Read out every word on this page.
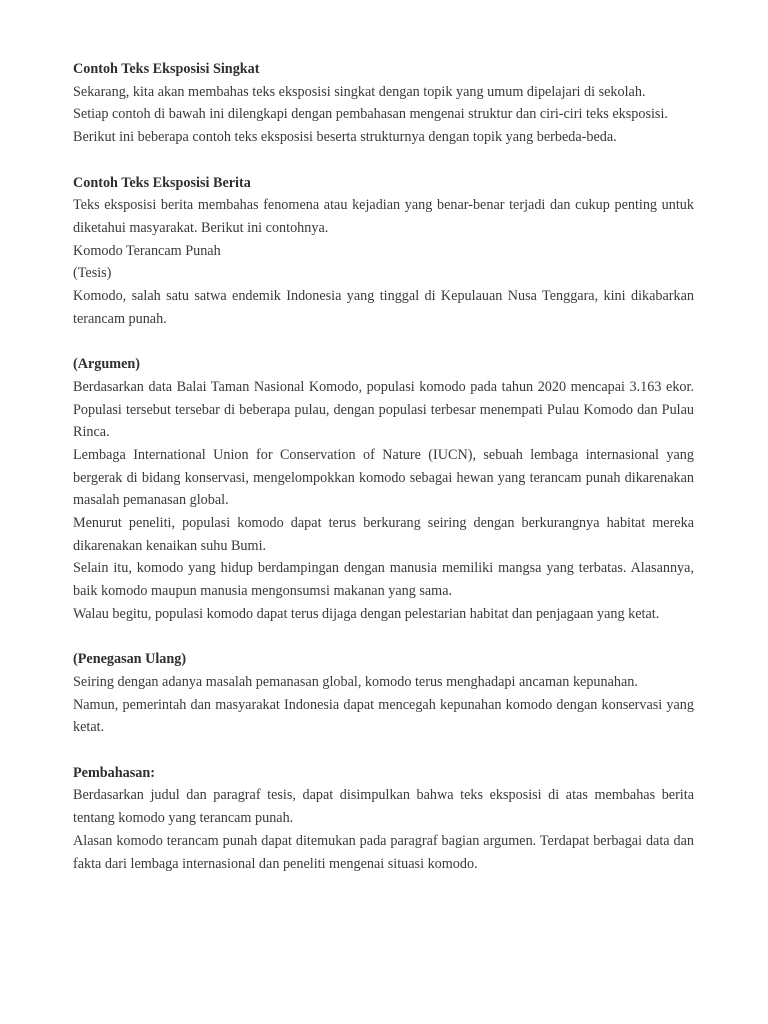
Contoh Teks Eksposisi Singkat

Sekarang, kita akan membahas teks eksposisi singkat dengan topik yang umum dipelajari di sekolah.

Setiap contoh di bawah ini dilengkapi dengan pembahasan mengenai struktur dan ciri-ciri teks eksposisi.

Berikut ini beberapa contoh teks eksposisi beserta strukturnya dengan topik yang berbeda-beda.

Contoh Teks Eksposisi Berita

Teks eksposisi berita membahas fenomena atau kejadian yang benar-benar terjadi dan cukup penting untuk diketahui masyarakat. Berikut ini contohnya.

Komodo Terancam Punah

(Tesis)

Komodo, salah satu satwa endemik Indonesia yang tinggal di Kepulauan Nusa Tenggara, kini dikabarkan terancam punah.

(Argumen)

Berdasarkan data Balai Taman Nasional Komodo, populasi komodo pada tahun 2020 mencapai 3.163 ekor. Populasi tersebut tersebar di beberapa pulau, dengan populasi terbesar menempati Pulau Komodo dan Pulau Rinca.

Lembaga International Union for Conservation of Nature (IUCN), sebuah lembaga internasional yang bergerak di bidang konservasi, mengelompokkan komodo sebagai hewan yang terancam punah dikarenakan masalah pemanasan global.

Menurut peneliti, populasi komodo dapat terus berkurang seiring dengan berkurangnya habitat mereka dikarenakan kenaikan suhu Bumi.

Selain itu, komodo yang hidup berdampingan dengan manusia memiliki mangsa yang terbatas. Alasannya, baik komodo maupun manusia mengonsumsi makanan yang sama.

Walau begitu, populasi komodo dapat terus dijaga dengan pelestarian habitat dan penjagaan yang ketat.

(Penegasan Ulang)

Seiring dengan adanya masalah pemanasan global, komodo terus menghadapi ancaman kepunahan.

Namun, pemerintah dan masyarakat Indonesia dapat mencegah kepunahan komodo dengan konservasi yang ketat.

Pembahasan:

Berdasarkan judul dan paragraf tesis, dapat disimpulkan bahwa teks eksposisi di atas membahas berita tentang komodo yang terancam punah.

Alasan komodo terancam punah dapat ditemukan pada paragraf bagian argumen. Terdapat berbagai data dan fakta dari lembaga internasional dan peneliti mengenai situasi komodo.
